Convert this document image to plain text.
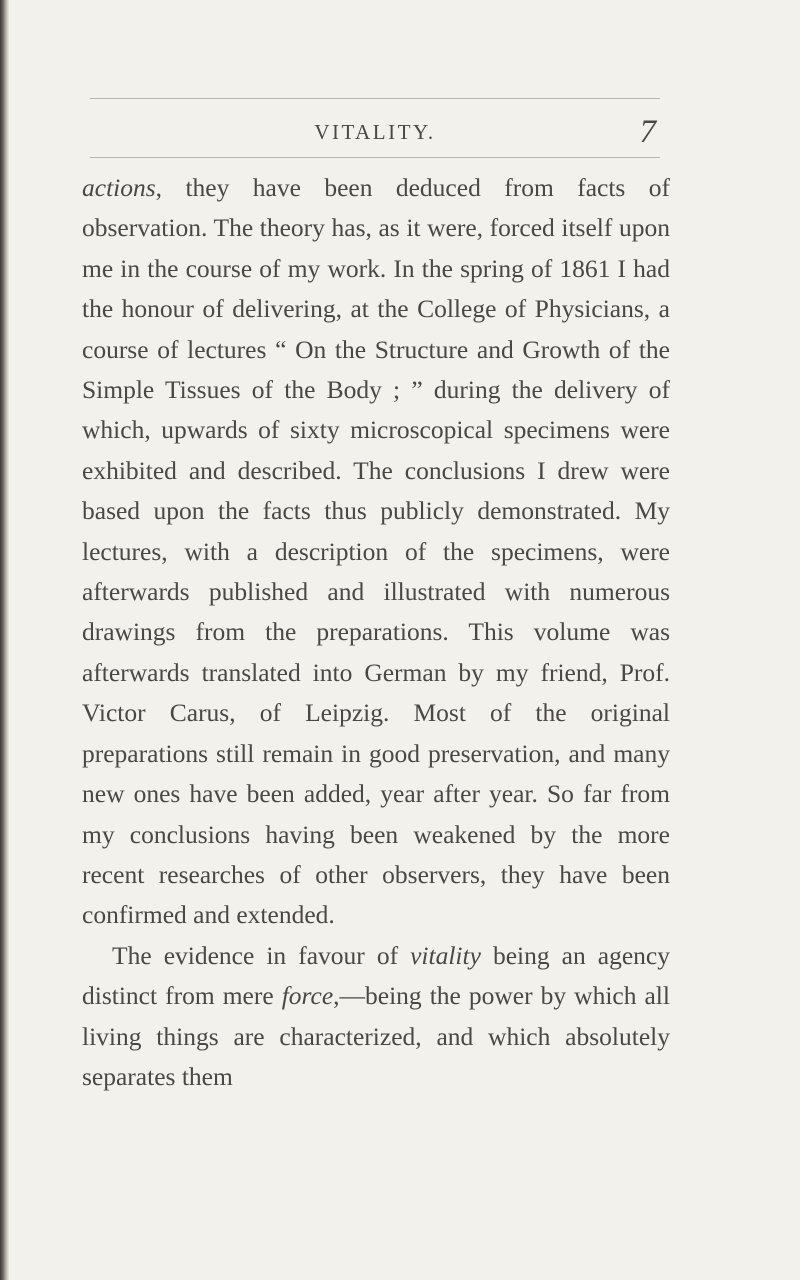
VITALITY.	7

actions, they have been deduced from facts of observation. The theory has, as it were, forced itself upon me in the course of my work. In the spring of 1861 I had the honour of delivering, at the College of Physicians, a course of lectures “ On the Structure and Growth of the Simple Tissues of the Body ; ” during the delivery of which, upwards of sixty microscopical specimens were exhibited and described. The conclusions I drew were based upon the facts thus publicly demonstrated. My lectures, with a description of the specimens, were afterwards published and illustrated with numerous drawings from the preparations. This volume was afterwards translated into German by my friend, Prof. Victor Carus, of Leipzig. Most of the original preparations still remain in good preservation, and many new ones have been added, year after year. So far from my conclusions having been weakened by the more recent researches of other observers, they have been confirmed and extended.

The evidence in favour of vitality being an agency distinct from mere force,—being the power by which all living things are characterized, and which absolutely separates them
